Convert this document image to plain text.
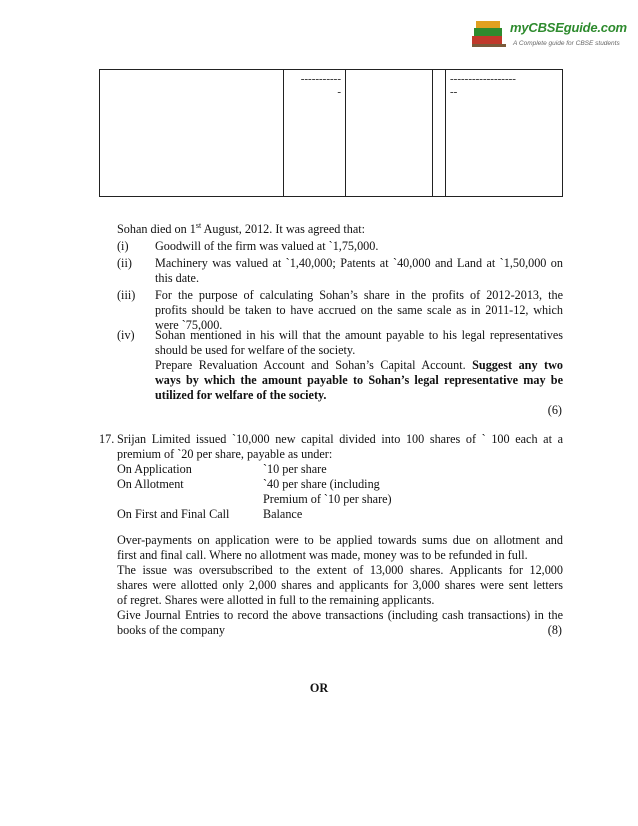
myCBSEguide.com
A Complete guide for CBSE students

-----------
-

------------------
--
Sohan died on 1st August, 2012. It was agreed that:
(i) Goodwill of the firm was valued at `1,75,000.
(ii) Machinery was valued at `1,40,000; Patents at `40,000 and Land at `1,50,000 on
this date.
(iii) For the purpose of calculating Sohan’s share in the profits of 2012-2013, the
profits should be taken to have accrued on the same scale as in 2011-12, which
were `75,000.
(iv) Sohan mentioned in his will that the amount payable to his legal representatives
should be used for welfare of the society.
Prepare Revaluation Account and Sohan’s Capital Account. Suggest any two
ways by which the amount payable to Sohan’s legal representative may be
utilized for welfare of the society.
(6)
17. Srijan Limited issued `10,000 new capital divided into 100 shares of ` 100 each at a
premium of `20 per share, payable as under:
On Application	`10 per share
On Allotment	`40 per share (including
Premium of `10 per share)
On First and Final Call	Balance
Over-payments on application were to be applied towards sums due on allotment and
first and final call. Where no allotment was made, money was to be refunded in full.
The issue was oversubscribed to the extent of 13,000 shares. Applicants for 12,000
shares were allotted only 2,000 shares and applicants for 3,000 shares were sent letters
of regret. Shares were allotted in full to the remaining applicants.
Give Journal Entries to record the above transactions (including cash transactions) in the
books of the company	(8)
OR
